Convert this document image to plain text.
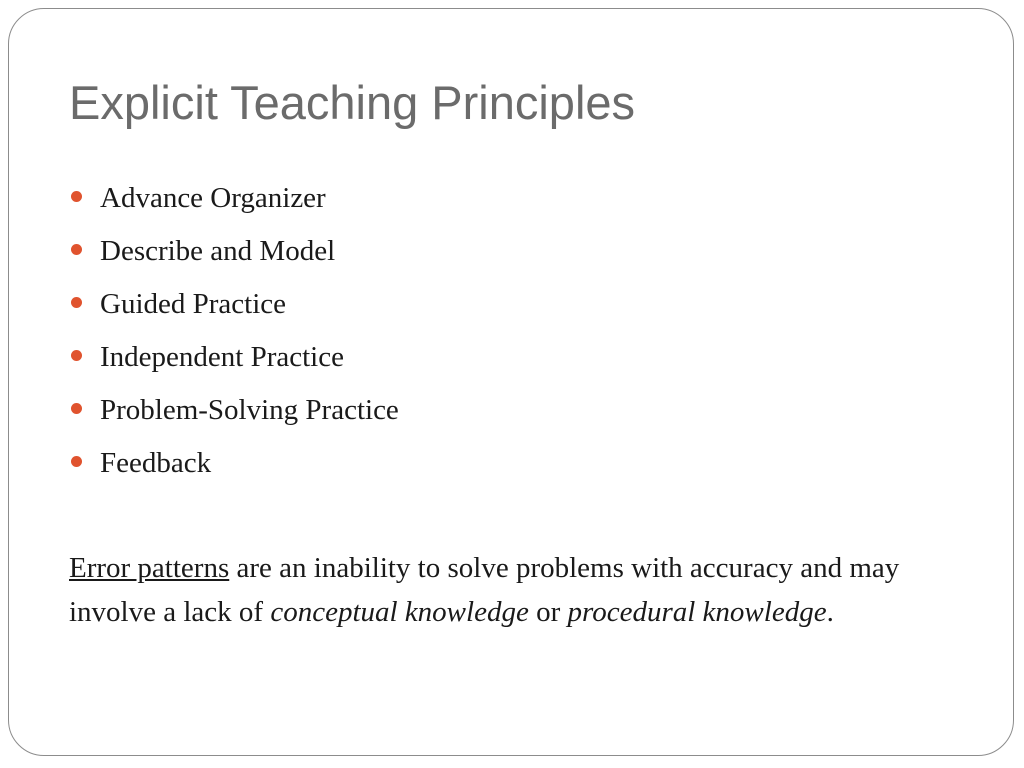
Explicit Teaching Principles
Advance Organizer
Describe and Model
Guided Practice
Independent Practice
Problem-Solving Practice
Feedback

Error patterns are an inability to solve problems with accuracy and may involve a lack of conceptual knowledge or procedural knowledge.
